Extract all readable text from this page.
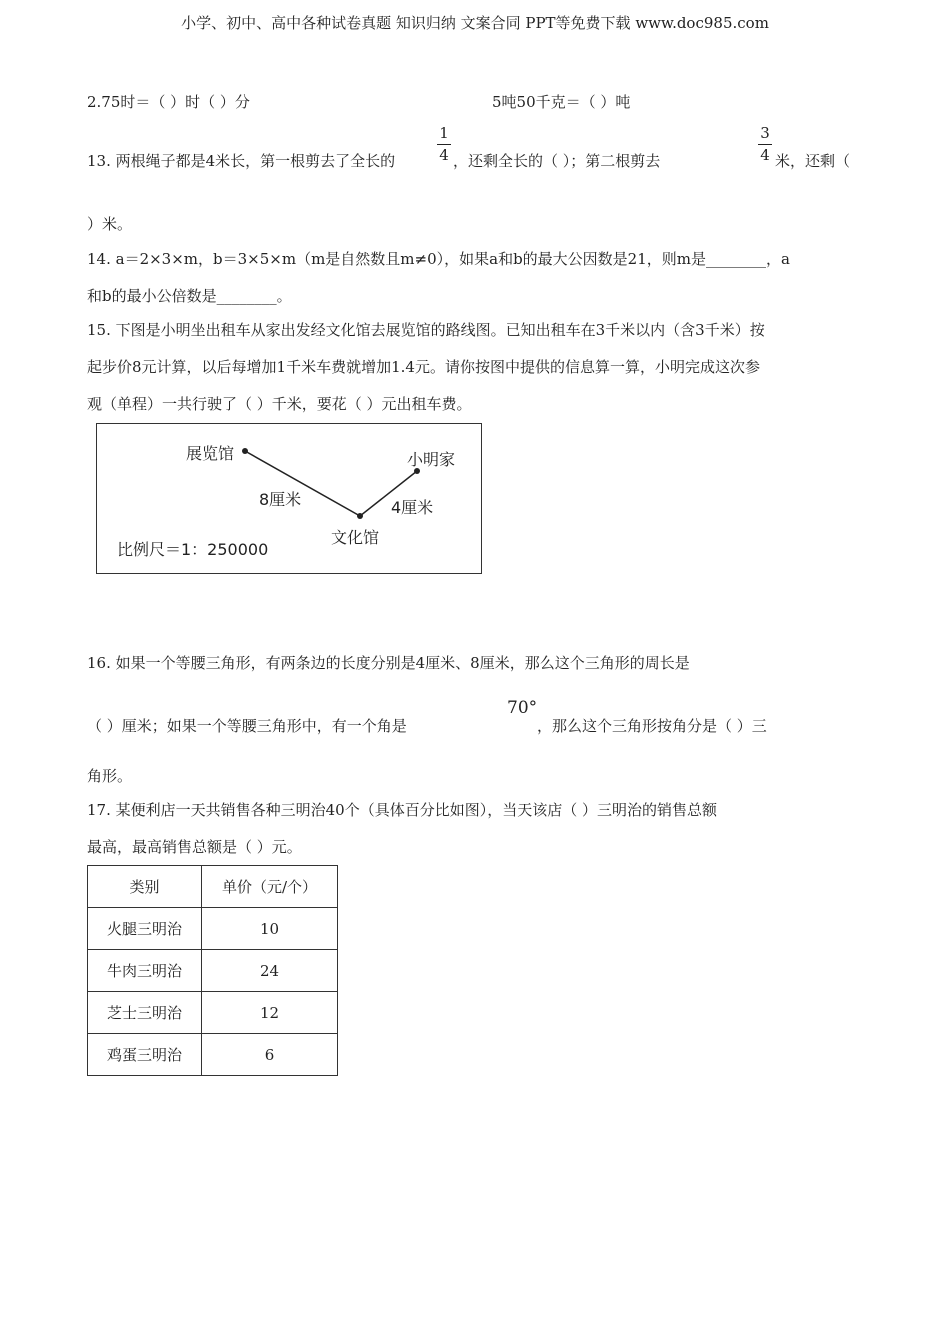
小学、初中、高中各种试卷真题 知识归纳 文案合同 PPT等免费下载 www.doc985.com
2.75时＝（ ）时（ ）分	5吨50千克＝（ ）吨
13. 两根绳子都是4米长，第一根剪去了全长的
1
4 ，还剩全长的（ ）；第二根剪去
3
4 米，还剩（
）米。
14. a＝2×3×m，b＝3×5×m（m是自然数且m≠0），如果a和b的最大公因数是21，则m是________，a
和b的最小公倍数是________。
15. 下图是小明坐出租车从家出发经文化馆去展览馆的路线图。已知出租车在3千米以内（含3千米）按
起步价8元计算，以后每增加1千米车费就增加1.4元。请你按图中提供的信息算一算，小明完成这次参
观（单程）一共行驶了（ ）千米，要花（ ）元出租车费。
展览馆	小明家
8厘米	4厘米
文化馆
比例尺＝1：250000
16. 如果一个等腰三角形，有两条边的长度分别是4厘米、8厘米，那么这个三角形的周长是
70°
（ ）厘米；如果一个等腰三角形中，有一个角是	，那么这个三角形按角分是（ ）三
角形。
17. 某便利店一天共销售各种三明治40个（具体百分比如图），当天该店（ ）三明治的销售总额
最高，最高销售总额是（ ）元。
类别	单价（元/个）
火腿三明治	10
牛肉三明治	24
芝士三明治	12
鸡蛋三明治	6
